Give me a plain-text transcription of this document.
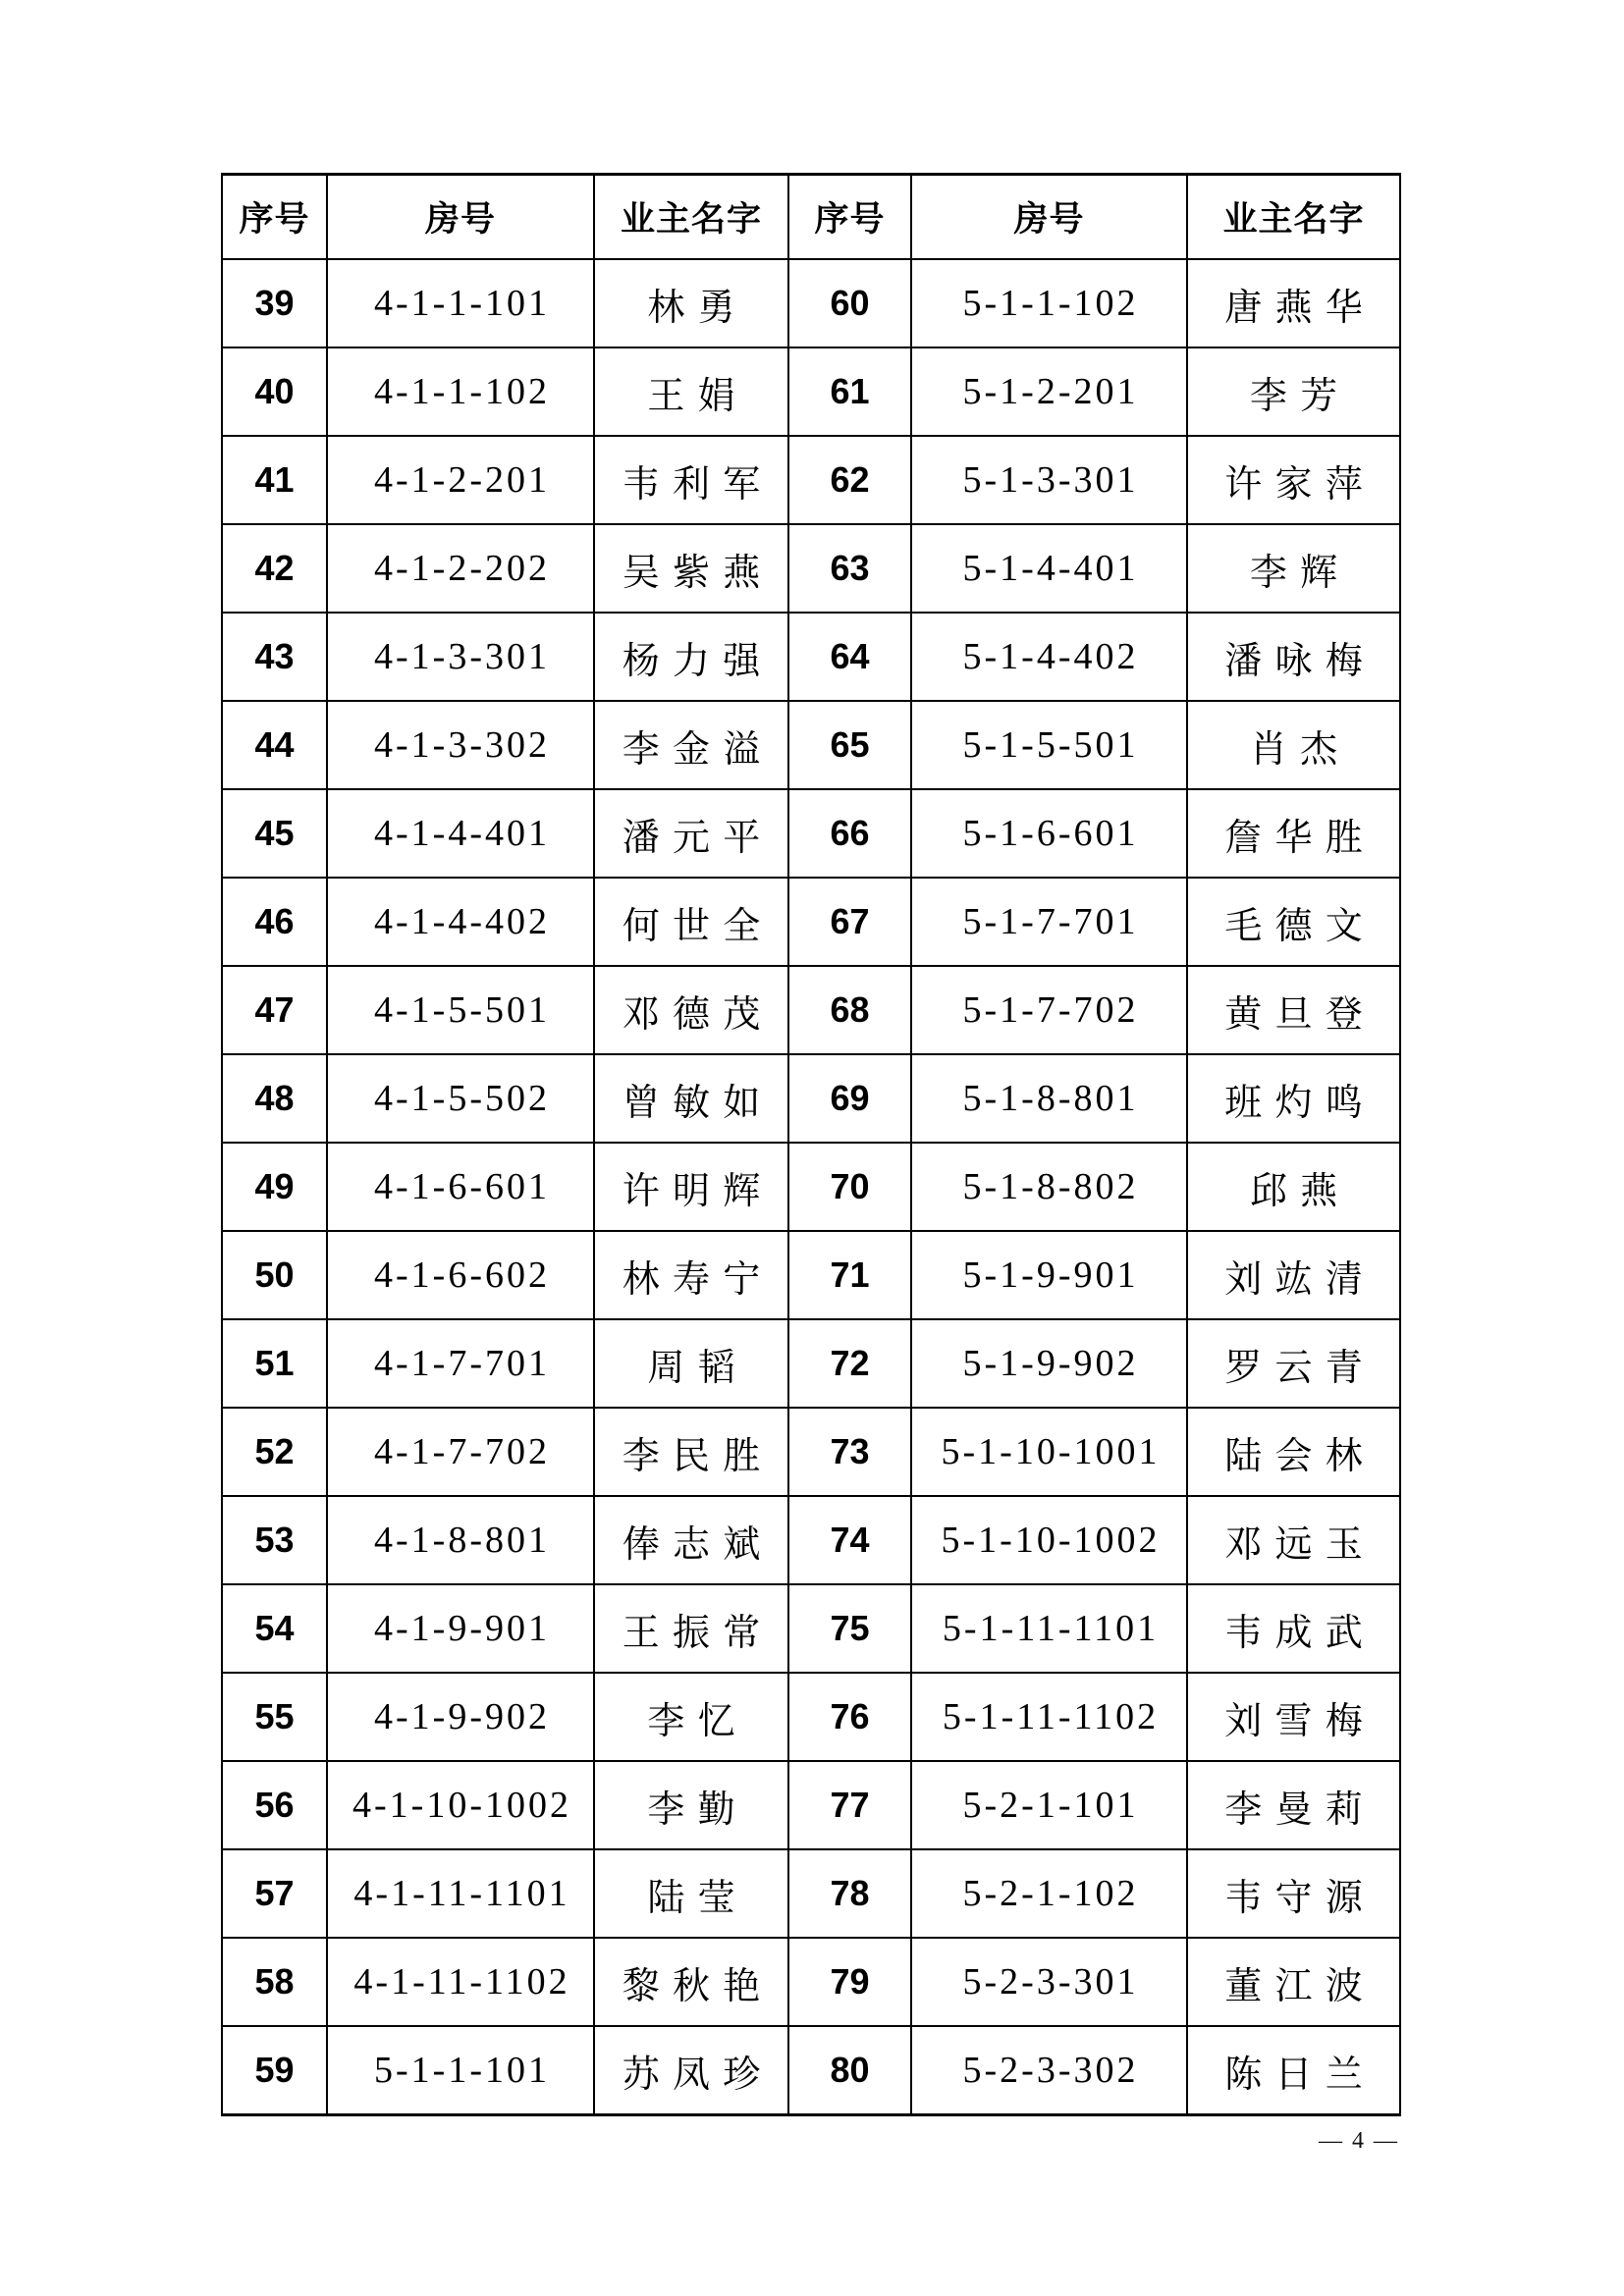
序号	房号	业主名字	序号	房号	业主名字
39	4-1-1-101	林勇	60	5-1-1-102	唐燕华
40	4-1-1-102	王娟	61	5-1-2-201	李芳
41	4-1-2-201	韦利军	62	5-1-3-301	许家萍
42	4-1-2-202	吴紫燕	63	5-1-4-401	李辉
43	4-1-3-301	杨力强	64	5-1-4-402	潘咏梅
44	4-1-3-302	李金溢	65	5-1-5-501	肖杰
45	4-1-4-401	潘元平	66	5-1-6-601	詹华胜
46	4-1-4-402	何世全	67	5-1-7-701	毛德文
47	4-1-5-501	邓德茂	68	5-1-7-702	黄旦登
48	4-1-5-502	曾敏如	69	5-1-8-801	班灼鸣
49	4-1-6-601	许明辉	70	5-1-8-802	邱燕
50	4-1-6-602	林寿宁	71	5-1-9-901	刘竑清
51	4-1-7-701	周韬	72	5-1-9-902	罗云青
52	4-1-7-702	李民胜	73	5-1-10-1001	陆会林
53	4-1-8-801	俸志斌	74	5-1-10-1002	邓远玉
54	4-1-9-901	王振常	75	5-1-11-1101	韦成武
55	4-1-9-902	李忆	76	5-1-11-1102	刘雪梅
56	4-1-10-1002	李勤	77	5-2-1-101	李曼莉
57	4-1-11-1101	陆莹	78	5-2-1-102	韦守源
58	4-1-11-1102	黎秋艳	79	5-2-3-301	董江波
59	5-1-1-101	苏凤珍	80	5-2-3-302	陈日兰
— 4 —
